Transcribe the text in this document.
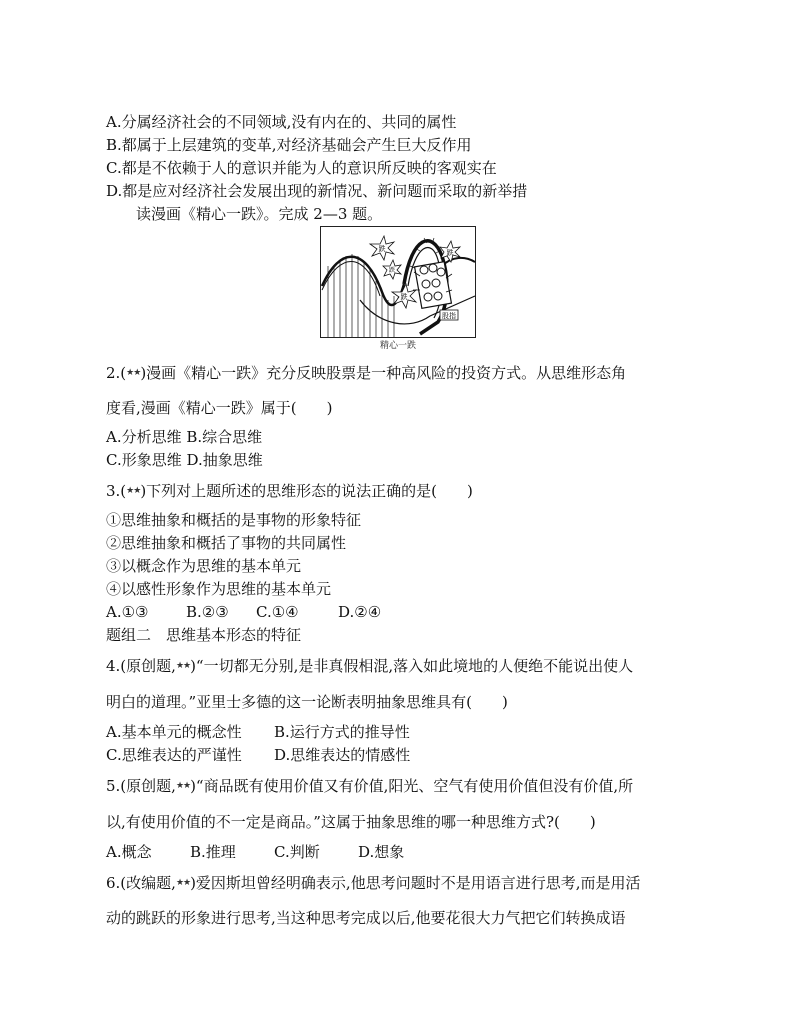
A.分属经济社会的不同领域,没有内在的、共同的属性
B.都属于上层建筑的变革,对经济基础会产生巨大反作用
C.都是不依赖于人的意识并能为人的意识所反映的客观实在
D.都是应对经济社会发展出现的新情况、新问题而采取的新举措
读漫画《精心一跌》。完成 2—3 题。
跌	跌
跌
跌
股指
精心一跌
2.(★★)漫画《精心一跌》充分反映股票是一种高风险的投资方式。从思维形态角
度看,漫画《精心一跌》属于(　　)
A.分析思维 B.综合思维
C.形象思维 D.抽象思维
3.(★★)下列对上题所述的思维形态的说法正确的是(　　)
①思维抽象和概括的是事物的形象特征
②思维抽象和概括了事物的共同属性
③以概念作为思维的基本单元
④以感性形象作为思维的基本单元
A.①③	B.②③ C.①④	D.②④
题组二　思维基本形态的特征
4.(原创题,★★)“一切都无分别,是非真假相混,落入如此境地的人便绝不能说出使人
明白的道理。”亚里士多德的这一论断表明抽象思维具有(　　)
A.基本单元的概念性 B.运行方式的推导性
C.思维表达的严谨性 D.思维表达的情感性
5.(原创题,★★)“商品既有使用价值又有价值,阳光、空气有使用价值但没有价值,所
以,有使用价值的不一定是商品。”这属于抽象思维的哪一种思维方式?(　　)
A.概念	B.推理	C.判断	D.想象
6.(改编题,★★)爱因斯坦曾经明确表示,他思考问题时不是用语言进行思考,而是用活
动的跳跃的形象进行思考,当这种思考完成以后,他要花很大力气把它们转换成语
